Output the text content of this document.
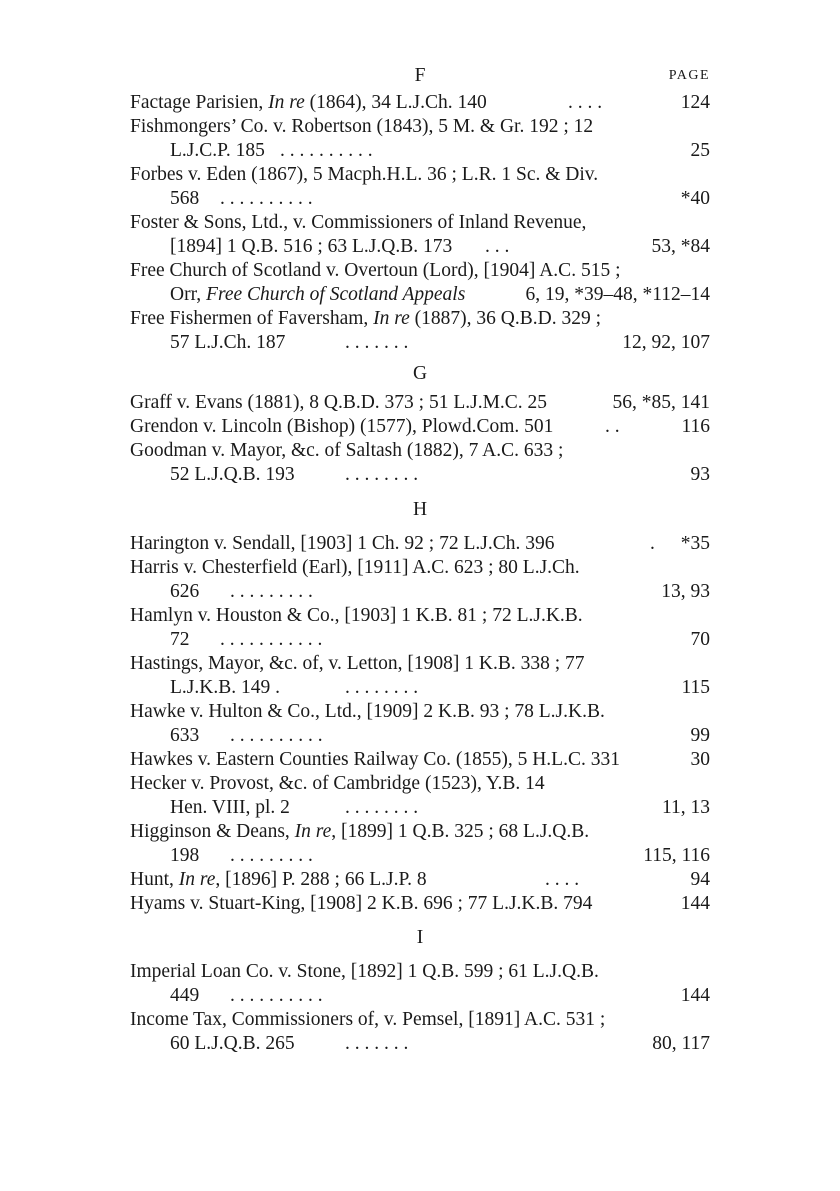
F	PAGE
Factage Parisien, In re (1864), 34 L.J.Ch. 140	. . . .	124
Fishmongers’ Co. v. Robertson (1843), 5 M. & Gr. 192 ; 12
L.J.C.P. 185 . . . . . . . . . .	25
Forbes v. Eden (1867), 5 Macph.H.L. 36 ; L.R. 1 Sc. & Div.
568 . . . . . . . . . .	*40
Foster & Sons, Ltd., v. Commissioners of Inland Revenue,
[1894] 1 Q.B. 516 ; 63 L.J.Q.B. 173 . . .	53, *84
Free Church of Scotland v. Overtoun (Lord), [1904] A.C. 515 ;
Orr, Free Church of Scotland Appeals	6, 19, *39–48, *112–14
Free Fishermen of Faversham, In re (1887), 36 Q.B.D. 329 ;
57 L.J.Ch. 187	. . . . . . .	12, 92, 107
G
Graff v. Evans (1881), 8 Q.B.D. 373 ; 51 L.J.M.C. 25	56, *85, 141
Grendon v. Lincoln (Bishop) (1577), Plowd.Com. 501	. .	116
Goodman v. Mayor, &c. of Saltash (1882), 7 A.C. 633 ;
52 L.J.Q.B. 193	. . . . . . . .	93
H
Harington v. Sendall, [1903] 1 Ch. 92 ; 72 L.J.Ch. 396	. *35
Harris v. Chesterfield (Earl), [1911] A.C. 623 ; 80 L.J.Ch.
626 . . . . . . . . .	13, 93
Hamlyn v. Houston & Co., [1903] 1 K.B. 81 ; 72 L.J.K.B.
72 . . . . . . . . . . .	70
Hastings, Mayor, &c. of, v. Letton, [1908] 1 K.B. 338 ; 77
L.J.K.B. 149 .	. . . . . . . .	115
Hawke v. Hulton & Co., Ltd., [1909] 2 K.B. 93 ; 78 L.J.K.B.
633 . . . . . . . . . .	99
Hawkes v. Eastern Counties Railway Co. (1855), 5 H.L.C. 331	30
Hecker v. Provost, &c. of Cambridge (1523), Y.B. 14
Hen. VIII, pl. 2	. . . . . . . .	11, 13
Higginson & Deans, In re, [1899] 1 Q.B. 325 ; 68 L.J.Q.B.
198 . . . . . . . . .	115, 116
Hunt, In re, [1896] P. 288 ; 66 L.J.P. 8	. . . .	94
Hyams v. Stuart-King, [1908] 2 K.B. 696 ; 77 L.J.K.B. 794	144
I
Imperial Loan Co. v. Stone, [1892] 1 Q.B. 599 ; 61 L.J.Q.B.
449 . . . . . . . . . .	144
Income Tax, Commissioners of, v. Pemsel, [1891] A.C. 531 ;
60 L.J.Q.B. 265	. . . . . . .	80, 117
